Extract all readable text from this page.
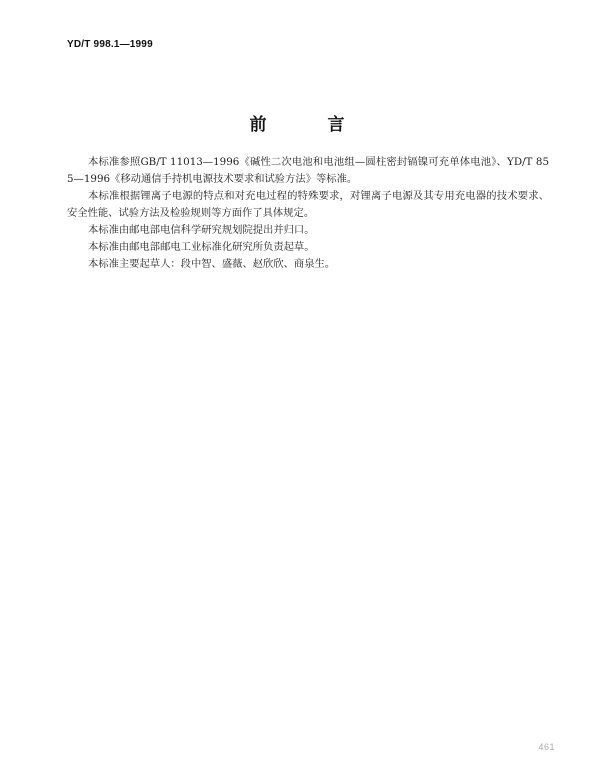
YD/T 998.1—1999
前　言

本标准参照GB/T 11013—1996《碱性二次电池和电池组—圆柱密封镉镍可充单体电池》、YD/T 855—1996《移动通信手持机电源技术要求和试验方法》等标准。

本标准根据锂离子电源的特点和对充电过程的特殊要求，对锂离子电源及其专用充电器的技术要求、安全性能、试验方法及检验规则等方面作了具体规定。

本标准由邮电部电信科学研究规划院提出并归口。

本标准由邮电部邮电工业标准化研究所负责起草。

本标准主要起草人：段中智、盛薇、赵欣欣、商泉生。

461
